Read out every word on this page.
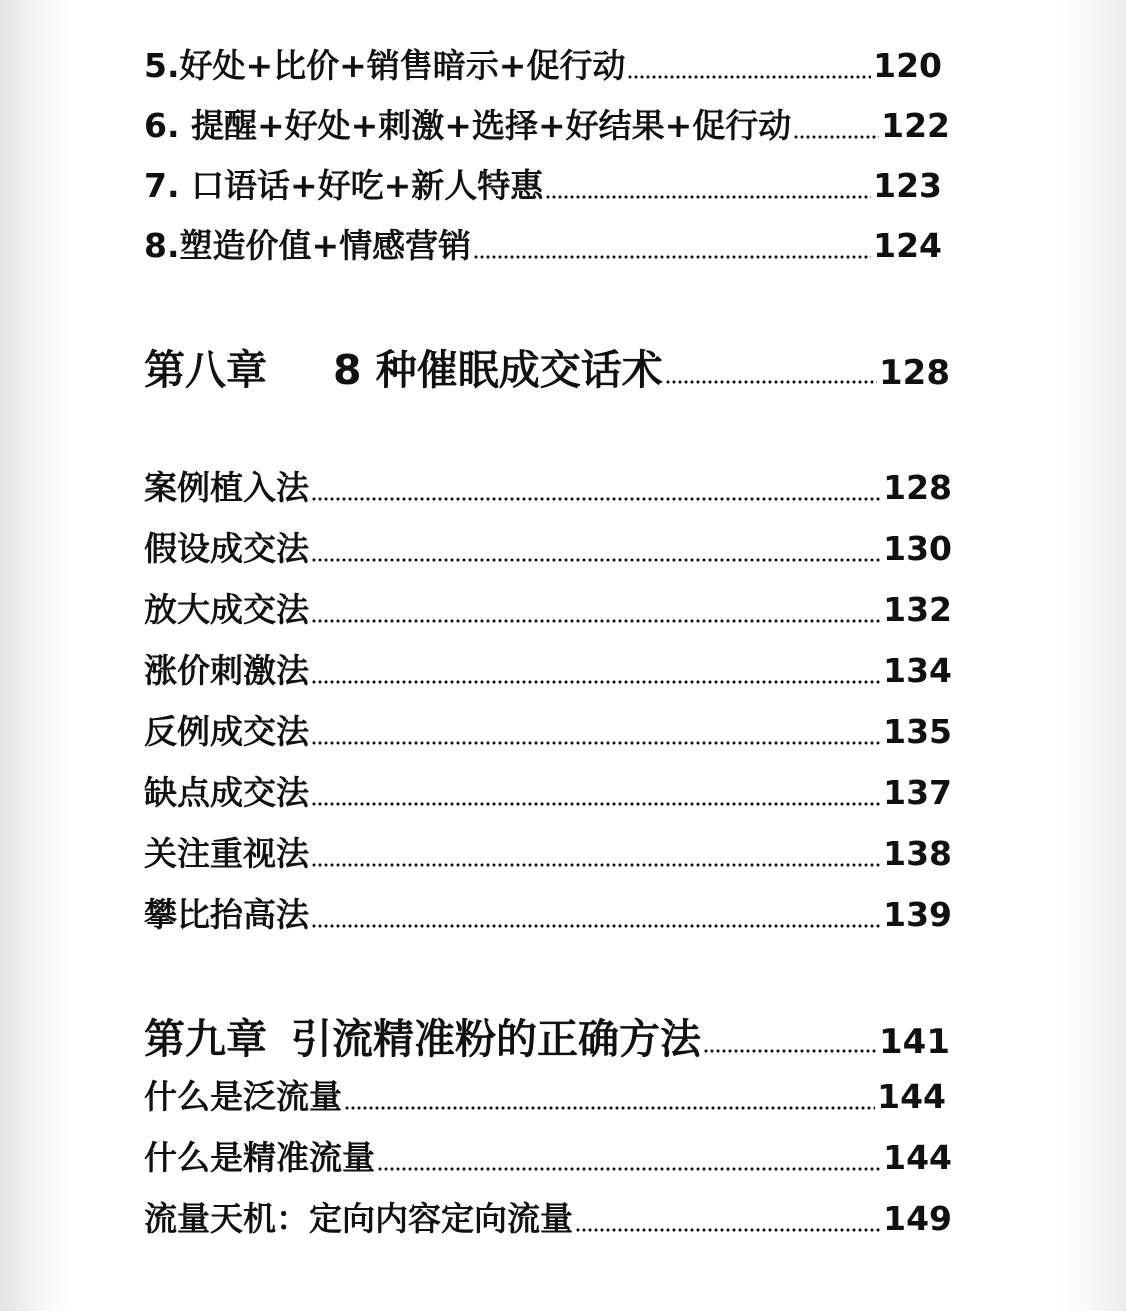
5.好处+比价+销售暗示+促行动	120
6. 提醒+好处+刺激+选择+好结果+促行动	122
7. 口语话+好吃+新人特惠	123
8.塑造价值+情感营销	124
第八章 8 种催眠成交话术	128
案例植入法	128
假设成交法	130
放大成交法	132
涨价刺激法	134
反例成交法	135
缺点成交法	137
关注重视法	138
攀比抬高法	139
第九章 引流精准粉的正确方法	141
什么是泛流量	144
什么是精准流量	144
流量天机：定向内容定向流量	149
